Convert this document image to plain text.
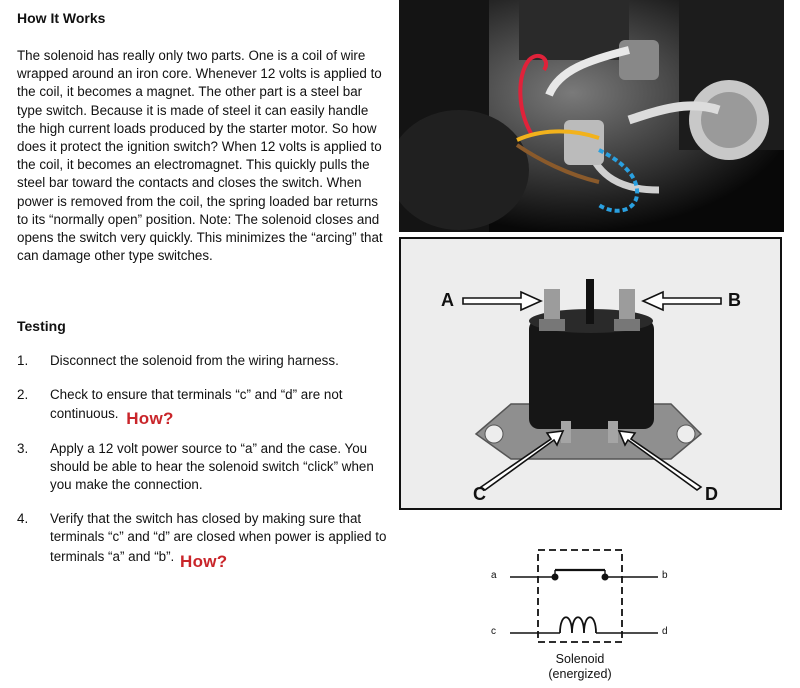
How It Works

The solenoid has really only two parts. One is a coil of wire wrapped around an iron core. Whenever 12 volts is applied to the coil, it becomes a magnet. The other part is a steel bar type switch. Because it is made of steel it can easily handle the high current loads produced by the starter motor. So how does it protect the ignition switch? When 12 volts is applied to the coil, it becomes an electromagnet. This quickly pulls the steel bar toward the contacts and closes the switch. When power is removed from the coil, the spring loaded bar returns to its “normally open” position. Note: The solenoid closes and opens the switch very quickly. This minimizes the “arcing” that can damage other type switches.

Testing
1. Disconnect the solenoid from the wiring harness.
2. Check to ensure that terminals “c” and “d” are not continuous. How?
3. Apply a 12 volt power source to “a” and the case. You should be able to hear the solenoid switch “click” when you make the connection.
4. Verify that the switch has closed by making sure that terminals “c” and “d” are closed when power is applied to terminals “a” and “b”. How?
A	B
C	D
a	b
c	d
Solenoid
(energized)
